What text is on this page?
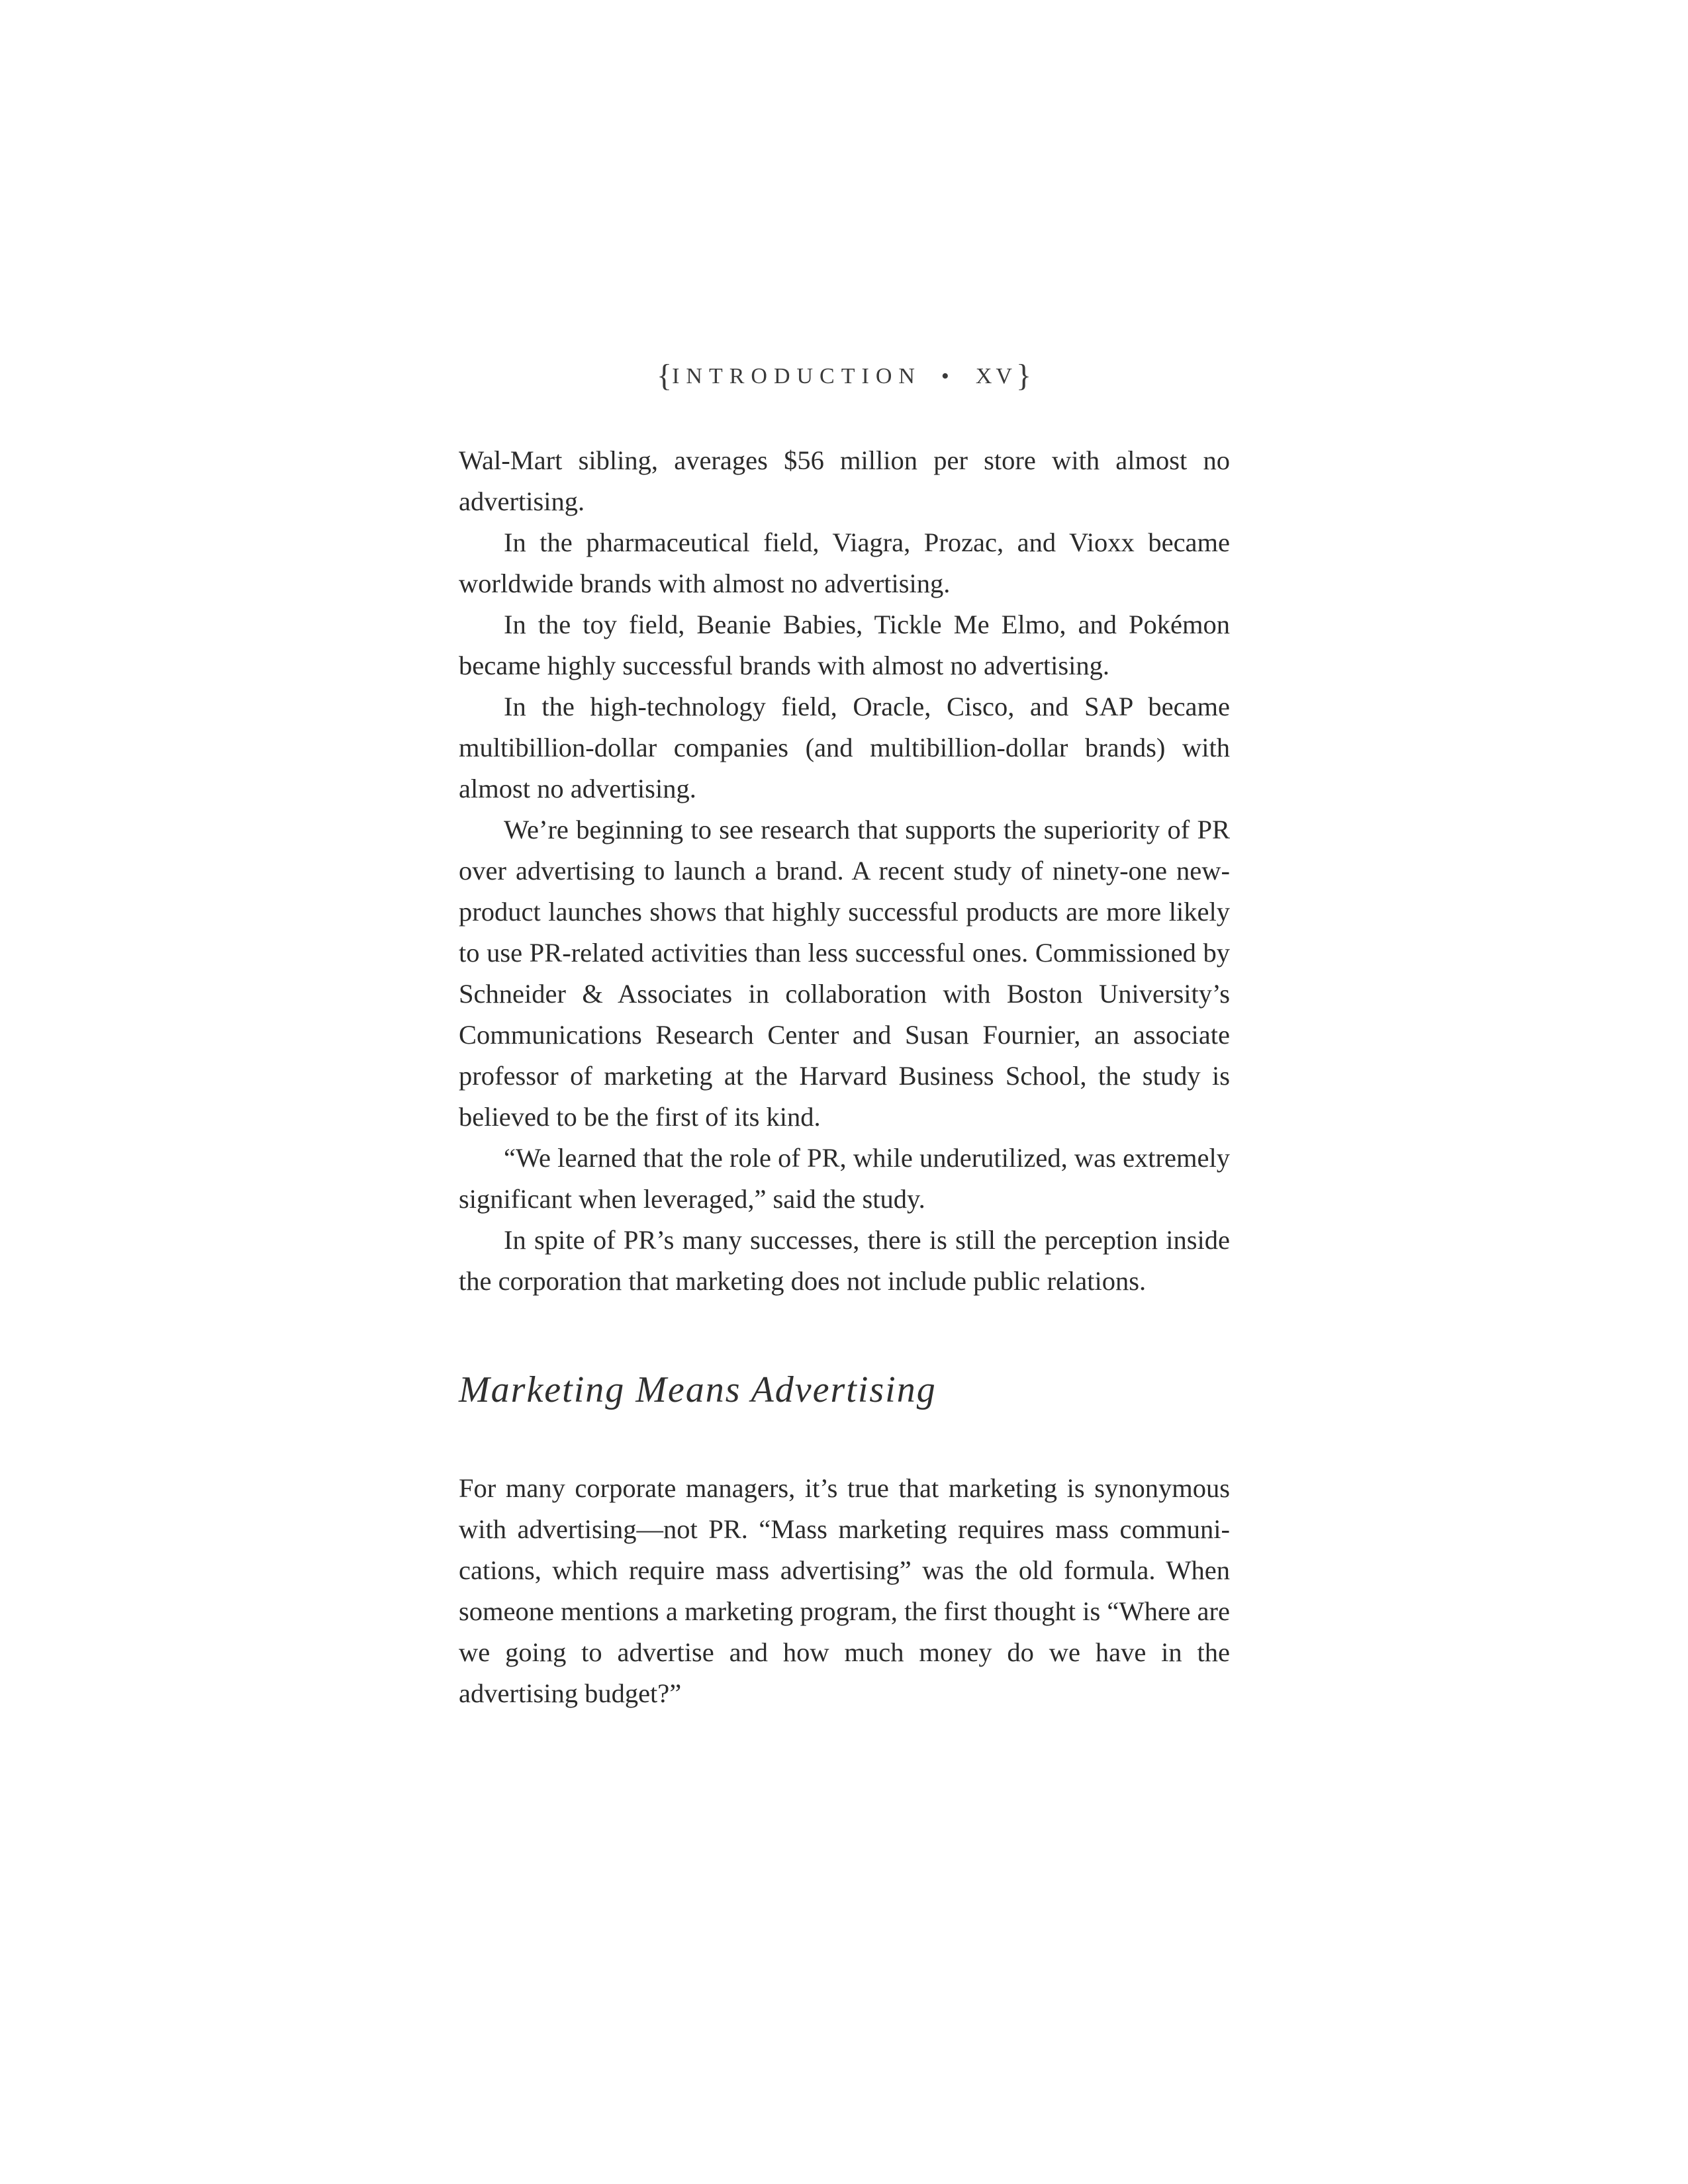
{INTRODUCTION • XV}

Wal-Mart sibling, averages $56 million per store with almost no advertising.

In the pharmaceutical field, Viagra, Prozac, and Vioxx became worldwide brands with almost no advertising.

In the toy field, Beanie Babies, Tickle Me Elmo, and Pokémon became highly successful brands with almost no advertising.

In the high-technology field, Oracle, Cisco, and SAP became multibillion-dollar companies (and multibillion-dollar brands) with almost no advertising.

We’re beginning to see research that supports the superiority of PR over advertising to launch a brand. A recent study of ninety-one new-product launches shows that highly successful products are more likely to use PR-related activities than less successful ones. Commissioned by Schneider & Associates in collaboration with Boston University’s Communications Research Center and Susan Fournier, an associate professor of marketing at the Harvard Business School, the study is believed to be the first of its kind.

“We learned that the role of PR, while underutilized, was extremely significant when leveraged,” said the study.

In spite of PR’s many successes, there is still the perception inside the corporation that marketing does not include public relations.

Marketing Means Advertising

For many corporate managers, it’s true that marketing is synonymous with advertising—not PR. “Mass marketing requires mass communi-cations, which require mass advertising” was the old formula. When someone mentions a marketing program, the first thought is “Where are we going to advertise and how much money do we have in the advertising budget?”
